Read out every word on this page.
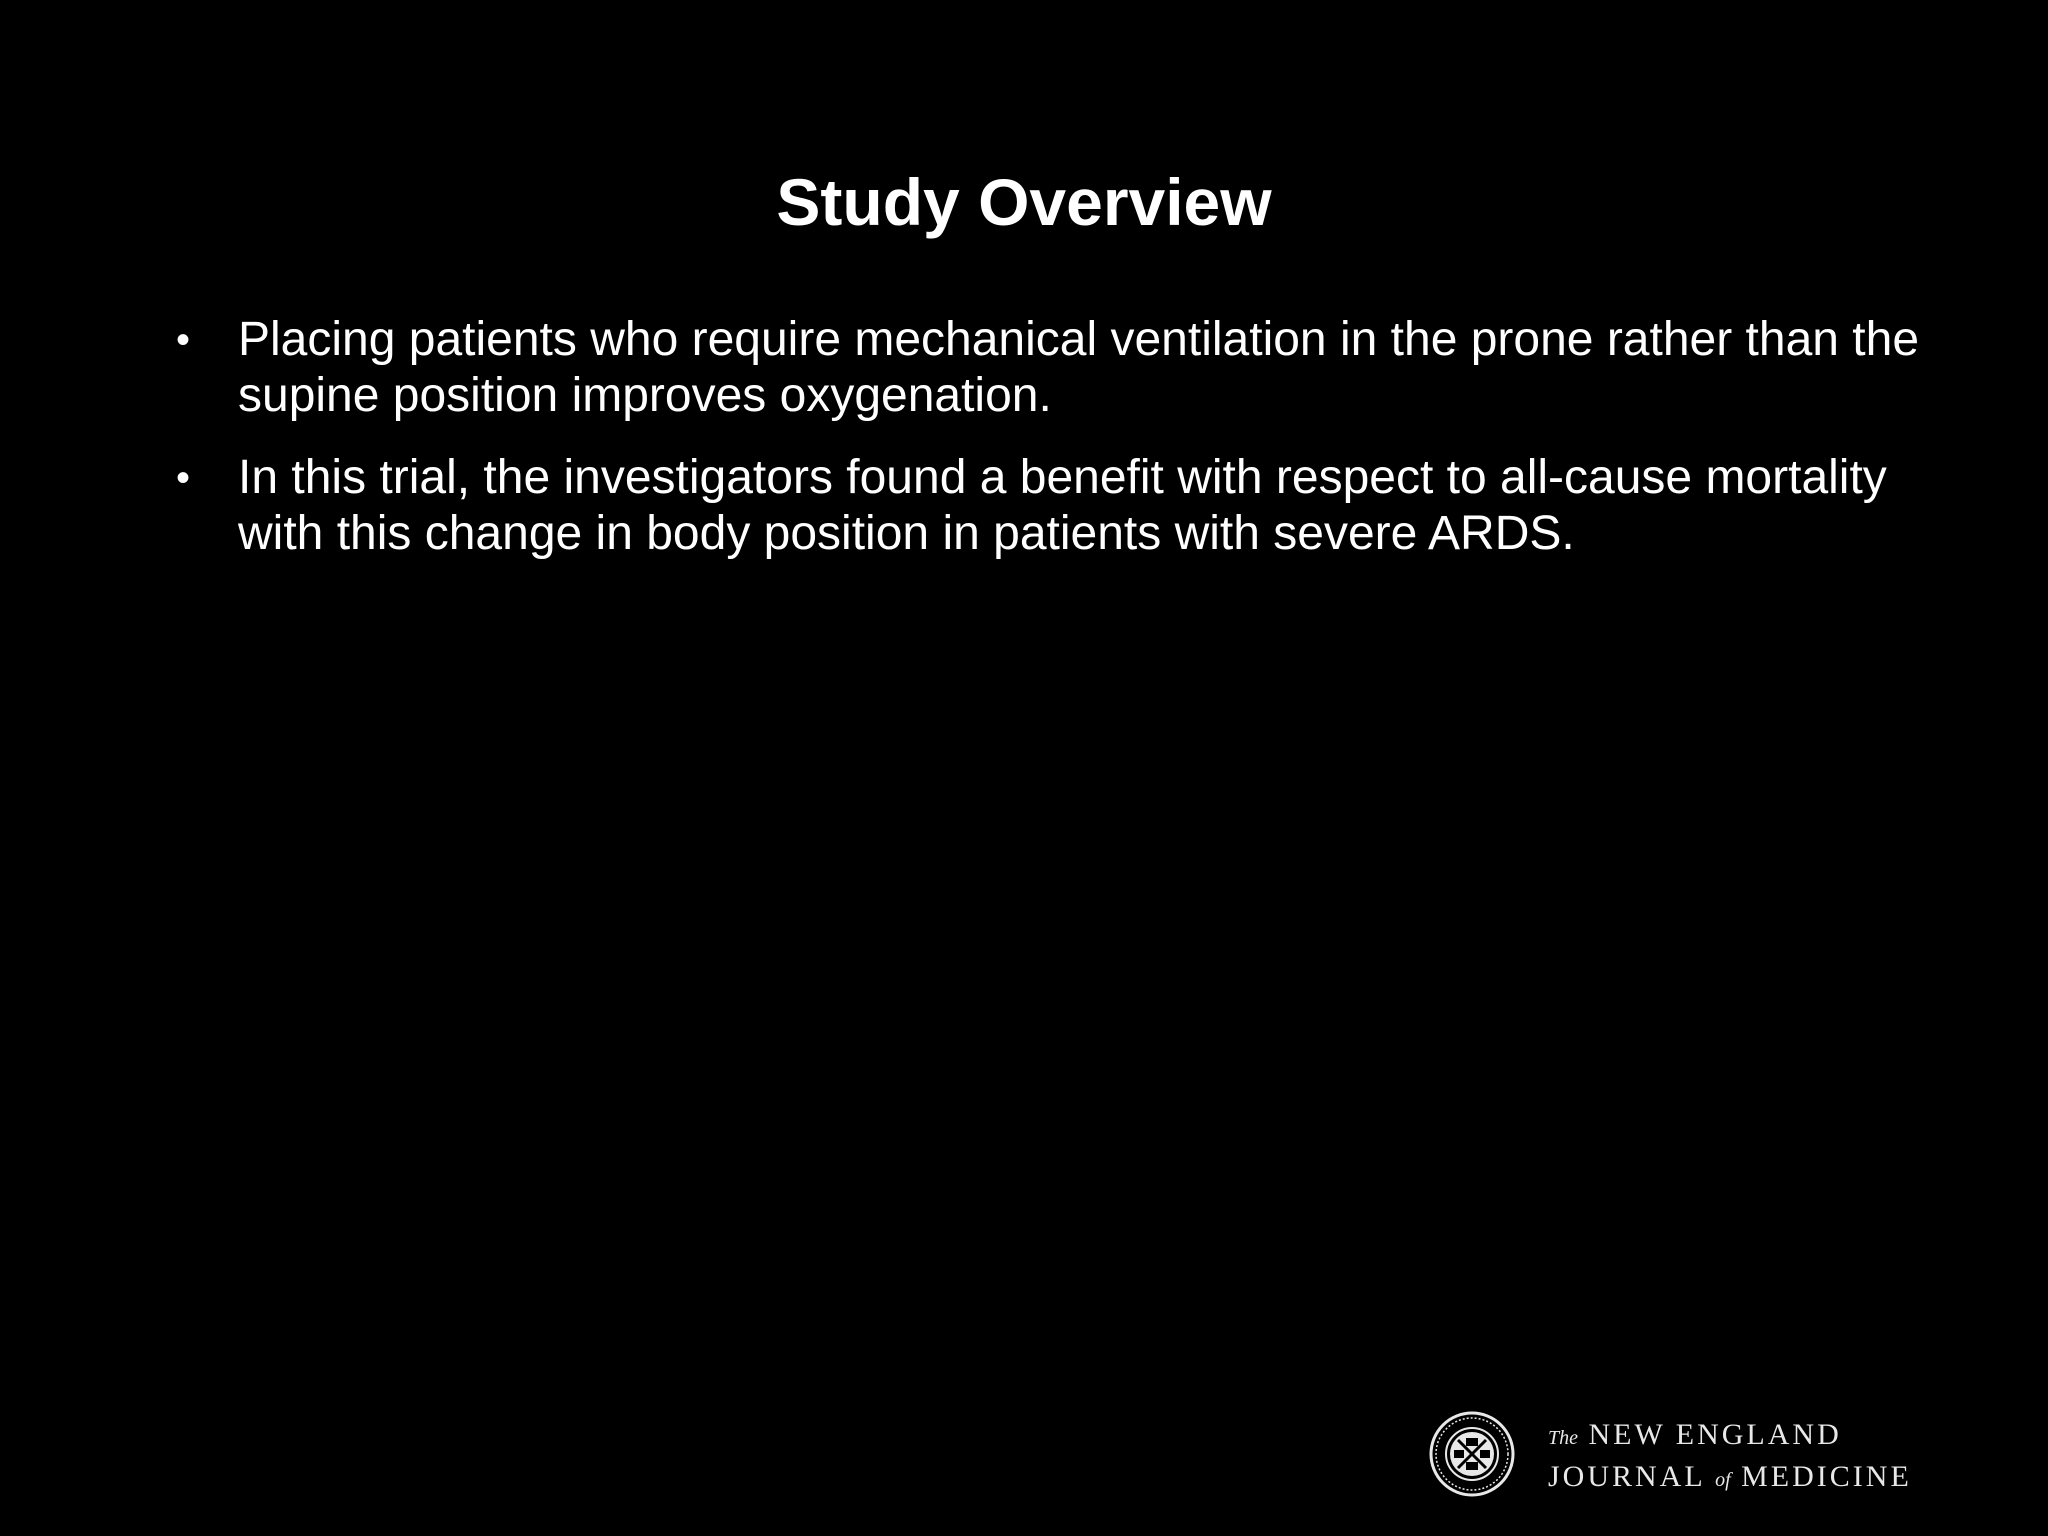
Study Overview
• Placing patients who require mechanical ventilation in the prone rather than the supine position improves oxygenation.
• In this trial, the investigators found a benefit with respect to all-cause mortality with this change in body position in patients with severe ARDS.
The NEW ENGLAND
JOURNAL of MEDICINE
